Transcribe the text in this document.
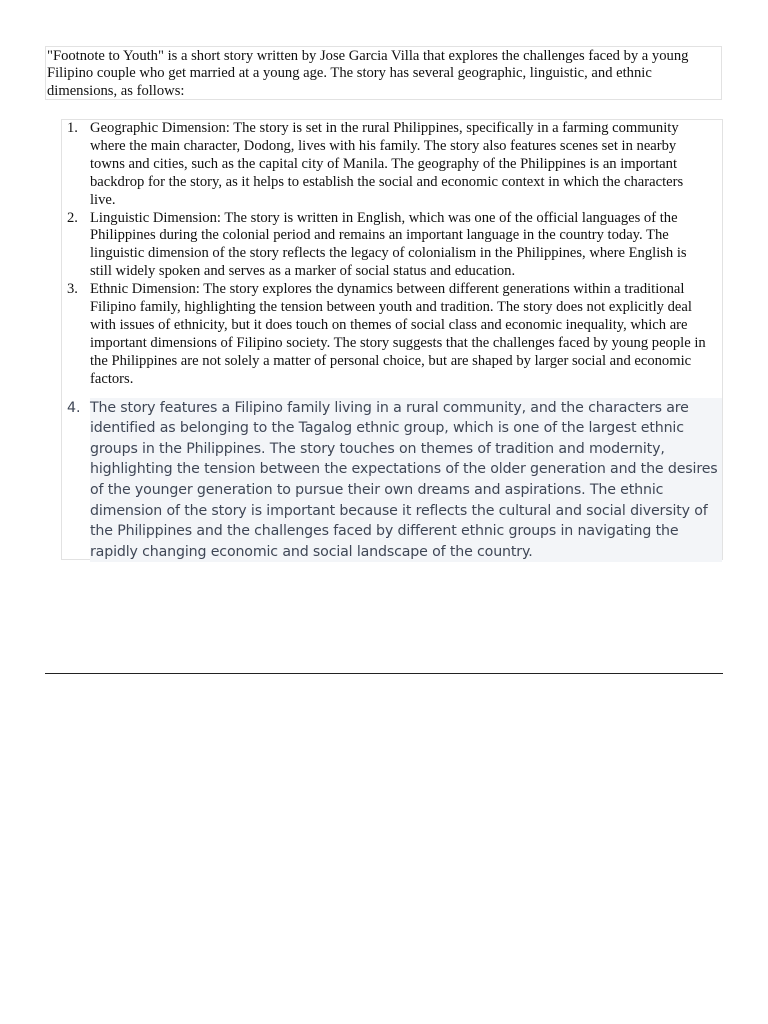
"Footnote to Youth" is a short story written by Jose Garcia Villa that explores the challenges faced by a young Filipino couple who get married at a young age. The story has several geographic, linguistic, and ethnic dimensions, as follows:
1. Geographic Dimension: The story is set in the rural Philippines, specifically in a farming community where the main character, Dodong, lives with his family. The story also features scenes set in nearby towns and cities, such as the capital city of Manila. The geography of the Philippines is an important backdrop for the story, as it helps to establish the social and economic context in which the characters live.
2. Linguistic Dimension: The story is written in English, which was one of the official languages of the Philippines during the colonial period and remains an important language in the country today. The linguistic dimension of the story reflects the legacy of colonialism in the Philippines, where English is still widely spoken and serves as a marker of social status and education.
3. Ethnic Dimension: The story explores the dynamics between different generations within a traditional Filipino family, highlighting the tension between youth and tradition. The story does not explicitly deal with issues of ethnicity, but it does touch on themes of social class and economic inequality, which are important dimensions of Filipino society. The story suggests that the challenges faced by young people in the Philippines are not solely a matter of personal choice, but are shaped by larger social and economic factors.
4. The story features a Filipino family living in a rural community, and the characters are identified as belonging to the Tagalog ethnic group, which is one of the largest ethnic groups in the Philippines. The story touches on themes of tradition and modernity, highlighting the tension between the expectations of the older generation and the desires of the younger generation to pursue their own dreams and aspirations. The ethnic dimension of the story is important because it reflects the cultural and social diversity of the Philippines and the challenges faced by different ethnic groups in navigating the rapidly changing economic and social landscape of the country.
